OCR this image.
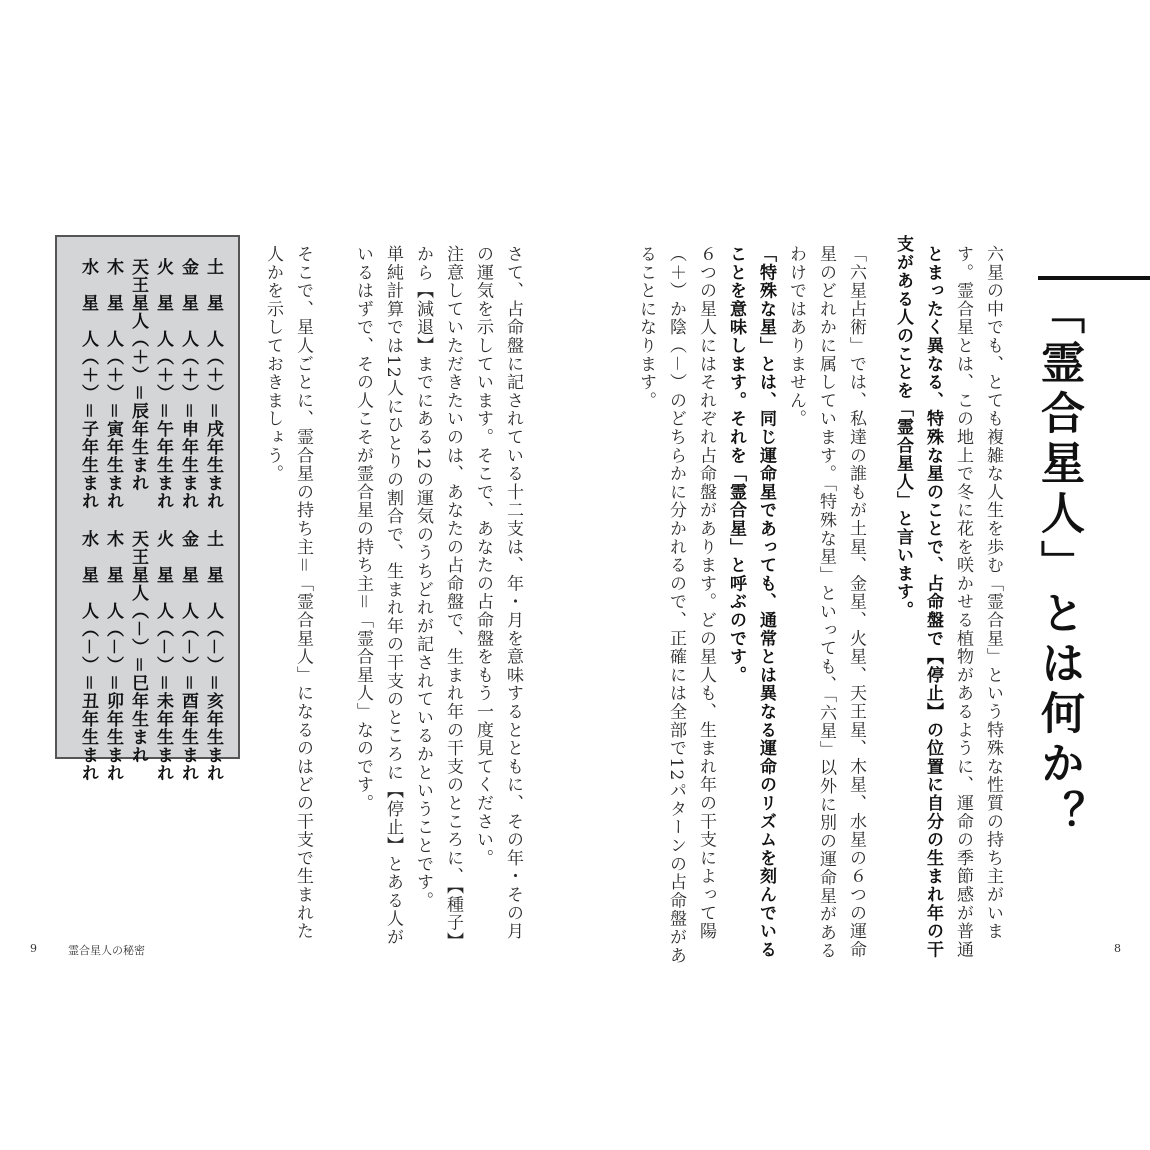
「霊合星人」とは何か？
六星の中でも、とても複雑な人生を歩む「霊合星」という特殊な性質の持ち主がいま
す。霊合星とは、この地上で冬に花を咲かせる植物があるように、運命の季節感が普通
とまったく異なる、特殊な星のことで、占命盤で【停止】の位置に自分の生まれ年の干
支がある人のことを「霊合星人」と言います。
「六星占術」では、私達の誰もが土星、金星、火星、天王星、木星、水星の６つの運命
星のどれかに属しています。「特殊な星」といっても、「六星」以外に別の運命星がある
わけではありません。
「特殊な星」とは、同じ運命星であっても、通常とは異なる運命のリズムを刻んでいる
ことを意味します。それを「霊合星」と呼ぶのです。
６つの星人にはそれぞれ占命盤があります。どの星人も、生まれ年の干支によって陽
（＋）か陰（－）のどちらかに分かれるので、正確には全部で12パターンの占命盤があ
ることになります。
8
さて、占命盤に記されている十二支は、年・月を意味するとともに、その年・その月
の運気を示しています。そこで、あなたの占命盤をもう一度見てください。
注意していただきたいのは、あなたの占命盤で、生まれ年の干支のところに、【種子】
から【減退】までにある12の運気のうちどれが記されているかということです。
単純計算では12人にひとりの割合で、生まれ年の干支のところに【停止】とある人が
いるはずで、その人こそが霊合星の持ち主＝「霊合星人」なのです。
そこで、星人ごとに、霊合星の持ち主＝「霊合星人」になるのはどの干支で生まれた
人かを示しておきましょう。
土　星　人（＋）＝戌年生まれ
金　星　人（＋）＝申年生まれ
火　星　人（＋）＝午年生まれ
天王星人（＋）＝辰年生まれ
木　星　人（＋）＝寅年生まれ
水　星　人（＋）＝子年生まれ
土　星　人（－）＝亥年生まれ
金　星　人（－）＝酉年生まれ
火　星　人（－）＝未年生まれ
天王星人（－）＝巳年生まれ
木　星　人（－）＝卯年生まれ
水　星　人（－）＝丑年生まれ
9	霊合星人の秘密
